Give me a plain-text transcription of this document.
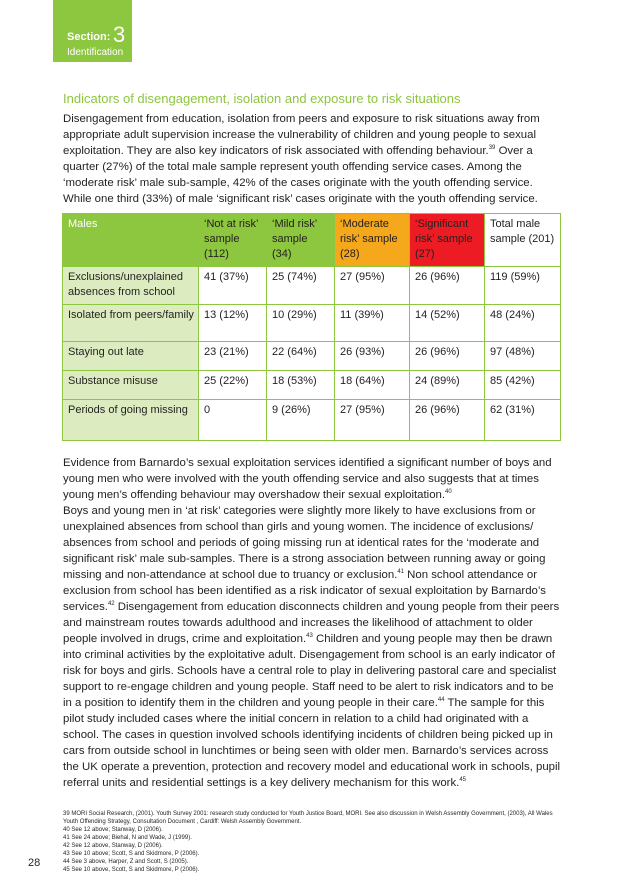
Section: 3
Identification
Indicators of disengagement, isolation and exposure to risk situations

Disengagement from education, isolation from peers and exposure to risk situations away from appropriate adult supervision increase the vulnerability of children and young people to sexual exploitation. They are also key indicators of risk associated with offending behaviour.$^{39}$ Over a quarter (27%) of the total male sample represent youth offending service cases. Among the ‘moderate risk’ male sub-sample, 42% of the cases originate with the youth offending service. While one third (33%) of male ‘significant risk’ cases originate with the youth offending service.

Males	‘Not at risk’ sample (112)	‘Mild risk’ sample (34)	‘Moderate risk’ sample (28)	‘Significant risk’ sample (27)	Total male sample (201)
Exclusions/unexplained absences from school	41 (37%)	25 (74%)	27 (95%)	26 (96%)	119 (59%)
Isolated from peers/family	13 (12%)	10 (29%)	11 (39%)	14 (52%)	48 (24%)
Staying out late	23 (21%)	22 (64%)	26 (93%)	26 (96%)	97 (48%)
Substance misuse	25 (22%)	18 (53%)	18 (64%)	24 (89%)	85 (42%)
Periods of going missing	0	9 (26%)	27 (95%)	26 (96%)	62 (31%)

Evidence from Barnardo’s sexual exploitation services identified a significant number of boys and young men who were involved with the youth offending service and also suggests that at times young men’s offending behaviour may overshadow their sexual exploitation.$^{40}$

Boys and young men in ‘at risk’ categories were slightly more likely to have exclusions from or unexplained absences from school than girls and young women. The incidence of exclusions/ absences from school and periods of going missing run at identical rates for the ‘moderate and significant risk’ male sub-samples. There is a strong association between running away or going missing and non-attendance at school due to truancy or exclusion.$^{41}$ Non school attendance or exclusion from school has been identified as a risk indicator of sexual exploitation by Barnardo’s services.$^{42}$ Disengagement from education disconnects children and young people from their peers and mainstream routes towards adulthood and increases the likelihood of attachment to older people involved in drugs, crime and exploitation.$^{43}$ Children and young people may then be drawn into criminal activities by the exploitative adult. Disengagement from school is an early indicator of risk for boys and girls. Schools have a central role to play in delivering pastoral care and specialist support to re-engage children and young people. Staff need to be alert to risk indicators and to be in a position to identify them in the children and young people in their care.$^{44}$ The sample for this pilot study included cases where the initial concern in relation to a child had originated with a school. The cases in question involved schools identifying incidents of children being picked up in cars from outside school in lunchtimes or being seen with older men. Barnardo’s services across the UK operate a prevention, protection and recovery model and educational work in schools, pupil referral units and residential settings is a key delivery mechanism for this work.$^{45}$

39 MORI Social Research, (2001). Youth Survey 2001: research study conducted for Youth Justice Board, MORI. See also discussion in Welsh Assembly Government, (2003), All Wales Youth Offending Strategy, Consultation Document , Cardiff: Welsh Assembly Government.
40 See 12 above; Stanway, D (2006).
41 See 24 above; Biehal, N and Wade, J (1999).
42 See 12 above, Stanway, D (2006).
43 See 10 above; Scott, S and Skidmore, P (2006).
44 See 3 above, Harper, Z and Scott, S (2005).
45 See 10 above, Scott, S and Skidmore, P (2006).
28
